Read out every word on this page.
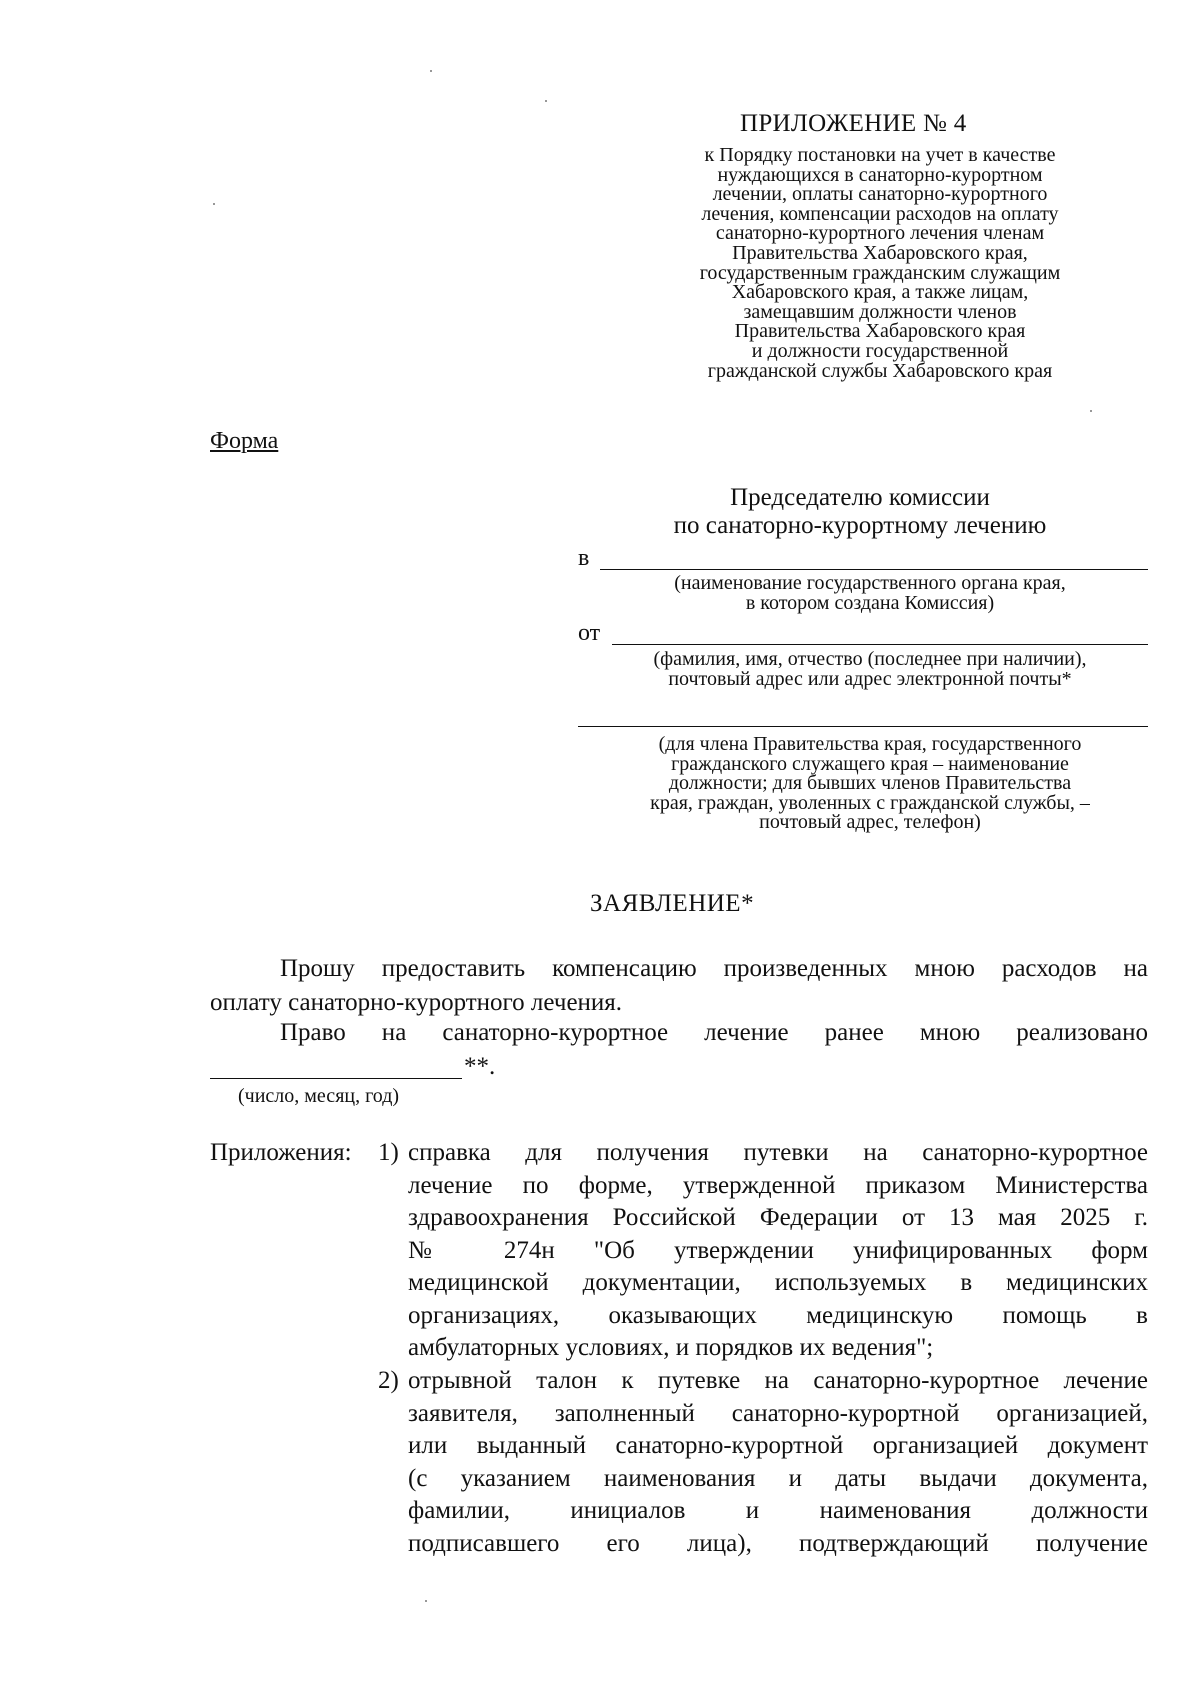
ПРИЛОЖЕНИЕ № 4
к Порядку постановки на учет в качестве
нуждающихся в санаторно-курортном
лечении, оплаты санаторно-курортного
лечения, компенсации расходов на оплату
санаторно-курортного лечения членам
Правительства Хабаровского края,
государственным гражданским служащим
Хабаровского края, а также лицам,
замещавшим должности членов
Правительства Хабаровского края
и должности государственной
гражданской службы Хабаровского края
Форма
Председателю комиссии
по санаторно-курортному лечению
в
(наименование государственного органа края,
в котором создана Комиссия)
от
(фамилия, имя, отчество (последнее при наличии),
почтовый адрес или адрес электронной почты*
(для члена Правительства края, государственного
гражданского служащего края – наименование
должности; для бывших членов Правительства
края, граждан, уволенных с гражданской службы, –
почтовый адрес, телефон)
ЗАЯВЛЕНИЕ*
Прошу предоставить компенсацию произведенных мною расходов на
оплату санаторно-курортного лечения.
Право на санаторно-курортное лечение ранее мною реализовано
**.
(число, месяц, год)
Приложения: 1) справка для получения путевки на санаторно-курортное
лечение по форме, утвержденной приказом Министерства
здравоохранения Российской Федерации от 13 мая 2025 г.
№ 274н "Об утверждении унифицированных форм
медицинской документации, используемых в медицинских
организациях, оказывающих медицинскую помощь в
амбулаторных условиях, и порядков их ведения";
2) отрывной талон к путевке на санаторно-курортное лечение
заявителя, заполненный санаторно-курортной организацией,
или выданный санаторно-курортной организацией документ
(с указанием наименования и даты выдачи документа,
фамилии, инициалов и наименования должности
подписавшего его лица), подтверждающий получение
